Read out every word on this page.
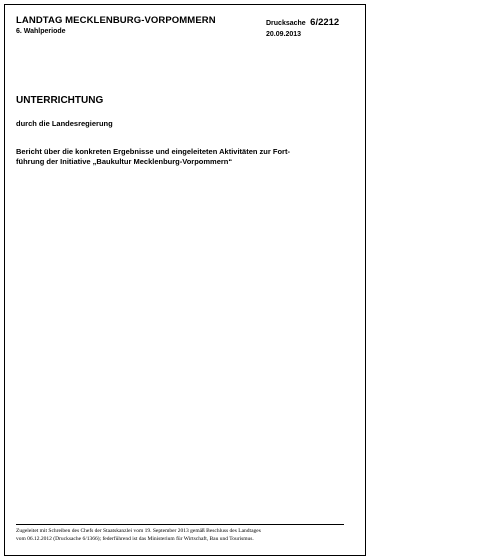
LANDTAG MECKLENBURG-VORPOMMERN
6. Wahlperiode
Drucksache 6/2212
20.09.2013
UNTERRICHTUNG
durch die Landesregierung
Bericht über die konkreten Ergebnisse und eingeleiteten Aktivitäten zur Fort-
führung der Initiative „Baukultur Mecklenburg-Vorpommern“
Zugeleitet mit Schreiben des Chefs der Staatskanzlei vom 19. September 2013 gemäß Beschluss des Landtages
vom 06.12.2012 (Drucksache 6/1366); federführend ist das Ministerium für Wirtschaft, Bau und Tourismus.
